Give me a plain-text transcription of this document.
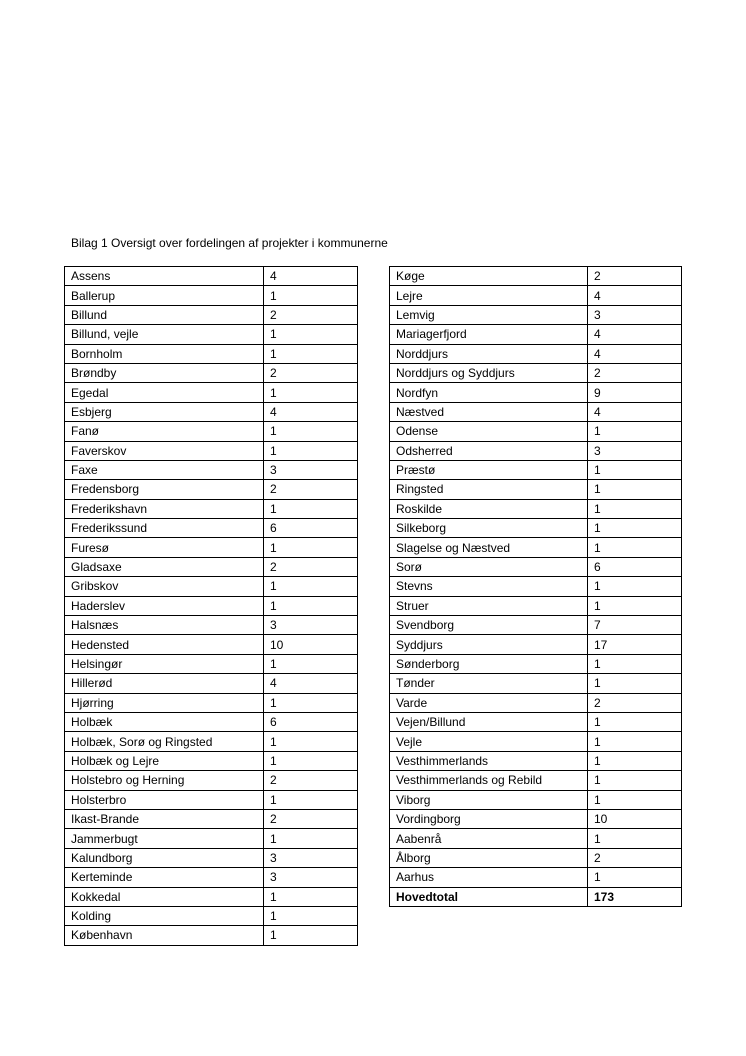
Bilag 1 Oversigt over fordelingen af projekter i kommunerne
Assens	4
Ballerup	1
Billund	2
Billund, vejle	1
Bornholm	1
Brøndby	2
Egedal	1
Esbjerg	4
Fanø	1
Faverskov	1
Faxe	3
Fredensborg	2
Frederikshavn	1
Frederikssund	6
Furesø	1
Gladsaxe	2
Gribskov	1
Haderslev	1
Halsnæs	3
Hedensted	10
Helsingør	1
Hillerød	4
Hjørring	1
Holbæk	6
Holbæk, Sorø og Ringsted	1
Holbæk og Lejre	1
Holstebro og Herning	2
Holsterbro	1
Ikast-Brande	2
Jammerbugt	1
Kalundborg	3
Kerteminde	3
Kokkedal	1
Kolding	1
København	1
Køge	2
Lejre	4
Lemvig	3
Mariagerfjord	4
Norddjurs	4
Norddjurs og Syddjurs	2
Nordfyn	9
Næstved	4
Odense	1
Odsherred	3
Præstø	1
Ringsted	1
Roskilde	1
Silkeborg	1
Slagelse og Næstved	1
Sorø	6
Stevns	1
Struer	1
Svendborg	7
Syddjurs	17
Sønderborg	1
Tønder	1
Varde	2
Vejen/Billund	1
Vejle	1
Vesthimmerlands	1
Vesthimmerlands og Rebild	1
Viborg	1
Vordingborg	10
Aabenrå	1
Ålborg	2
Aarhus	1
Hovedtotal	173
